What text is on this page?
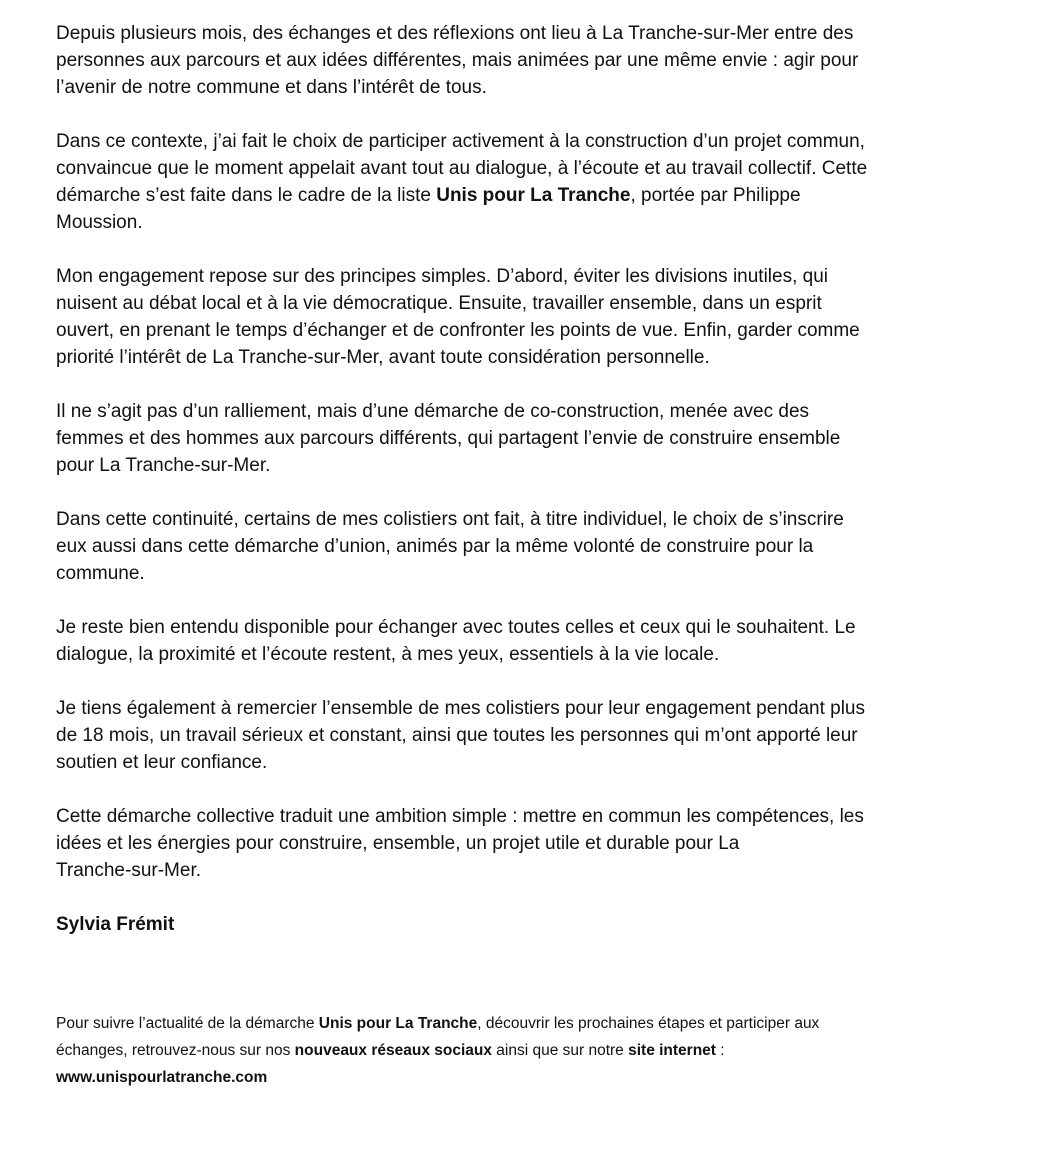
Depuis plusieurs mois, des échanges et des réflexions ont lieu à La Tranche-sur-Mer entre des
personnes aux parcours et aux idées différentes, mais animées par une même envie : agir pour
l’avenir de notre commune et dans l’intérêt de tous.

Dans ce contexte, j’ai fait le choix de participer activement à la construction d’un projet commun,
convaincue que le moment appelait avant tout au dialogue, à l’écoute et au travail collectif. Cette
démarche s’est faite dans le cadre de la liste Unis pour La Tranche, portée par Philippe
Moussion.

Mon engagement repose sur des principes simples. D’abord, éviter les divisions inutiles, qui
nuisent au débat local et à la vie démocratique. Ensuite, travailler ensemble, dans un esprit
ouvert, en prenant le temps d’échanger et de confronter les points de vue. Enfin, garder comme
priorité l’intérêt de La Tranche-sur-Mer, avant toute considération personnelle.

Il ne s’agit pas d’un ralliement, mais d’une démarche de co-construction, menée avec des
femmes et des hommes aux parcours différents, qui partagent l’envie de construire ensemble
pour La Tranche-sur-Mer.

Dans cette continuité, certains de mes colistiers ont fait, à titre individuel, le choix de s’inscrire
eux aussi dans cette démarche d’union, animés par la même volonté de construire pour la
commune.

Je reste bien entendu disponible pour échanger avec toutes celles et ceux qui le souhaitent. Le
dialogue, la proximité et l’écoute restent, à mes yeux, essentiels à la vie locale.

Je tiens également à remercier l’ensemble de mes colistiers pour leur engagement pendant plus
de 18 mois, un travail sérieux et constant, ainsi que toutes les personnes qui m’ont apporté leur
soutien et leur confiance.

Cette démarche collective traduit une ambition simple : mettre en commun les compétences, les
idées et les énergies pour construire, ensemble, un projet utile et durable pour La
Tranche-sur-Mer.

Sylvia Frémit

Pour suivre l’actualité de la démarche Unis pour La Tranche, découvrir les prochaines étapes et participer aux
échanges, retrouvez-nous sur nos nouveaux réseaux sociaux ainsi que sur notre site internet :
www.unispourlatranche.com
